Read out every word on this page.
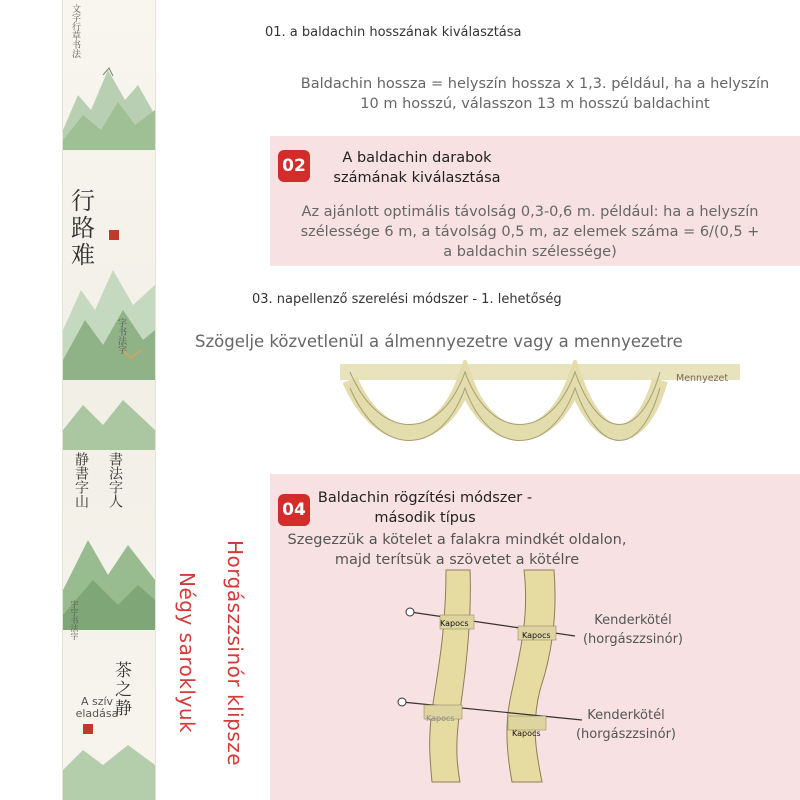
文字行草书法
行路难
字书法字
静書字山 書法字人
字字书法字
茶之静
A szív eladása	Horgászzsinór klipsze
Négy saroklyuk
01. a baldachin hosszának kiválasztása
Baldachin hossza = helyszín hossza x 1,3. például, ha a helyszín 10 m hosszú, válasszon 13 m hosszú baldachint
02	A baldachin darabok számának kiválasztása
Az ajánlott optimális távolság 0,3-0,6 m. például: ha a helyszín szélessége 6 m, a távolság 0,5 m, az elemek száma = 6/(0,5 + a baldachin szélessége)
03. napellenző szerelési módszer - 1. lehetőség
Szögelje közvetlenül a álmennyezetre vagy a mennyezetre
Mennyezet
04
Baldachin rögzítési módszer - második típus
Szegezzük a kötelet a falakra mindkét oldalon, majd terítsük a szövetet a kötélre
Kapocs
Kapocs
Kapocs
Kapocs
Kenderkötél (horgászzsinór)
Kenderkötél (horgászzsinór)
